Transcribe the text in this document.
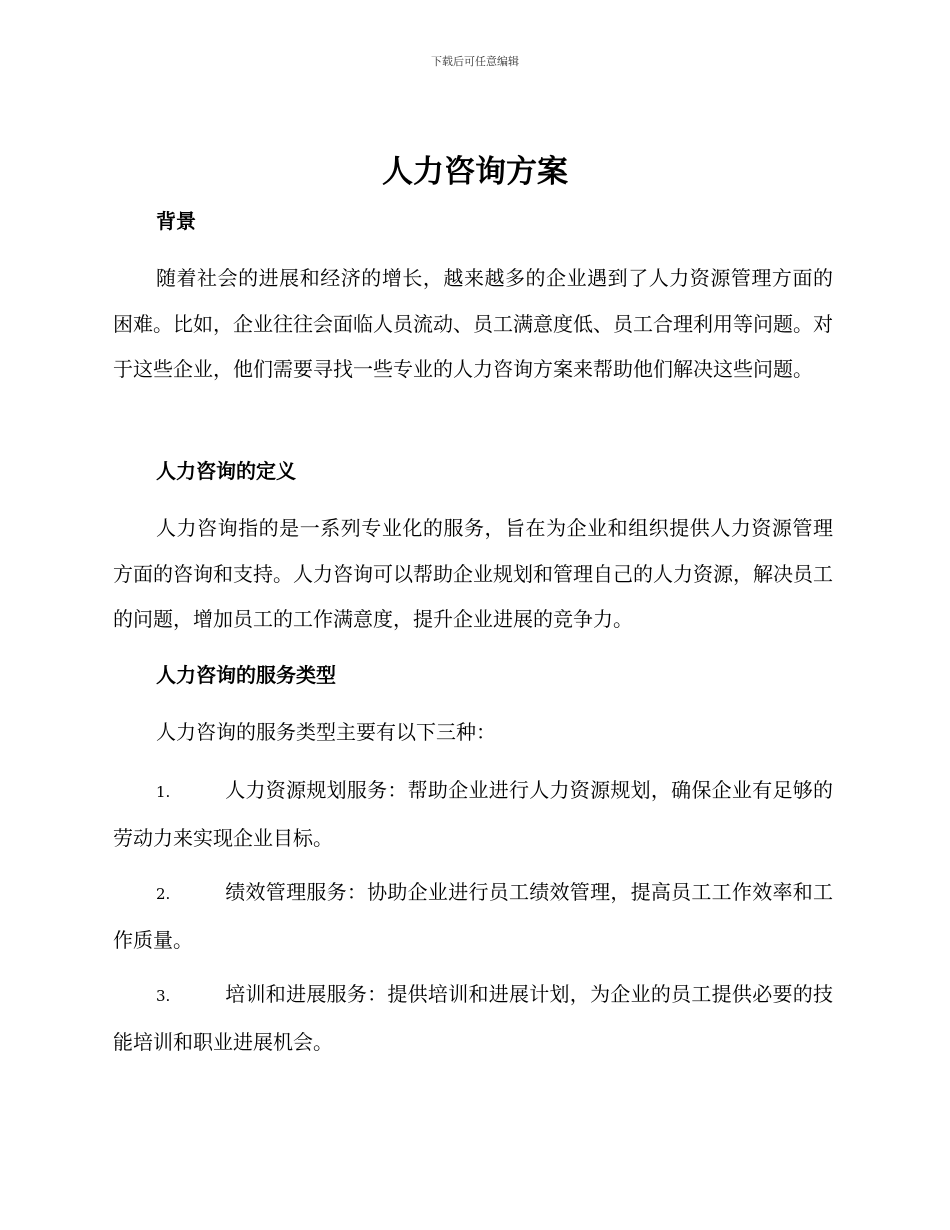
下载后可任意编辑
人力咨询方案
背景

随着社会的进展和经济的增长，越来越多的企业遇到了人力资源管理方面的困难。比如，企业往往会面临人员流动、员工满意度低、员工合理利用等问题。对于这些企业，他们需要寻找一些专业的人力咨询方案来帮助他们解决这些问题。

人力咨询的定义

人力咨询指的是一系列专业化的服务，旨在为企业和组织提供人力资源管理方面的咨询和支持。人力咨询可以帮助企业规划和管理自己的人力资源，解决员工的问题，增加员工的工作满意度，提升企业进展的竞争力。

人力咨询的服务类型

人力咨询的服务类型主要有以下三种：

1.	人力资源规划服务：帮助企业进行人力资源规划，确保企业有足够的劳动力来实现企业目标。
2.	绩效管理服务：协助企业进行员工绩效管理，提高员工工作效率和工作质量。
3.	培训和进展服务：提供培训和进展计划，为企业的员工提供必要的技能培训和职业进展机会。
